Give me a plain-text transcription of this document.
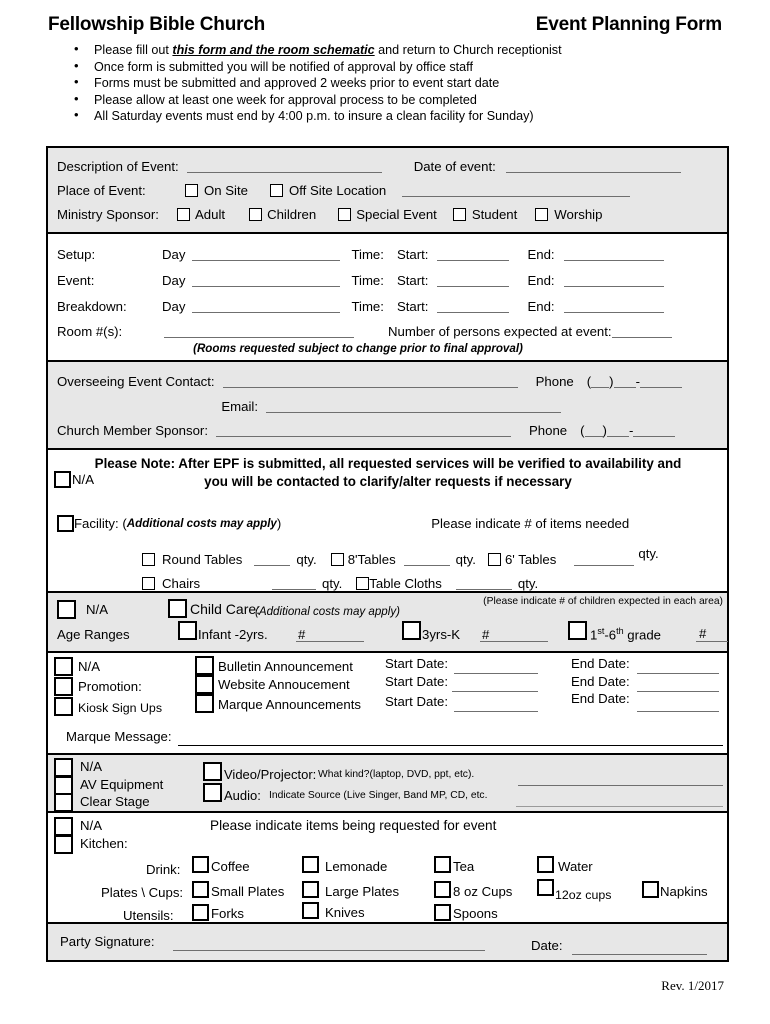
Fellowship Bible Church	Event Planning Form
• Please fill out this form and the room schematic and return to Church receptionist
• Once form is submitted you will be notified of approval by office staff
• Forms must be submitted and approved 2 weeks prior to event start date
• Please allow at least one week for approval process to be completed
• All Saturday events must end by 4:00 p.m. to insure a clean facility for Sunday)
Description of Event:	Date of event:
Place of Event:	On Site	Off Site Location
Ministry Sponsor:	Adult	Children	Special Event	Student	Worship
Setup:	Day	Time: Start:	End:
Event:	Day	Time: Start:	End:
Breakdown:	Day	Time: Start:	End:
Room #(s):	Number of persons expected at event:
(Rooms requested subject to change prior to final approval)
Overseeing Event Contact:	Phone ( ) -
Email:
Church Member Sponsor:	Phone ( ) -
Please Note: After EPF is submitted, all requested services will be verified to availability and
you will be contacted to clarify/alter requests if necessary
N/A
Facility: ( Additional costs may apply )	Please indicate # of items needed
Round Tables	qty. 8'Tables	qty. 6' Tables	qty.
Chairs	qty. Table Cloths	qty.
N/A	Child Care:
(Additional costs may apply)
(Please indicate # of children expected in each area)
Age Ranges	Infant -2yrs. #	3yrs-K #	1st-6th grade	#
N/A
Promotion:
Kiosk Sign Ups
Bulletin Announcement Start Date:	End Date:
Website Annoucement	Start Date:	End Date:
Marque Announcements Start Date:	End Date:
Marque Message:
N/A
AV Equipment
Clear Stage
Video/Projector: What kind?(laptop, DVD, ppt, etc).
Audio: Indicate Source (Live Singer, Band MP, CD, etc.
N/A
Kitchen:
Please indicate items being requested for event
Drink: Coffee	Lemonade	Tea	Water
Plates \ Cups: Small Plates	Large Plates	8 oz Cups	12oz cups	Napkins
Utensils:	Forks	Knives	Spoons
Party Signature:	Date:
Rev. 1/2017
